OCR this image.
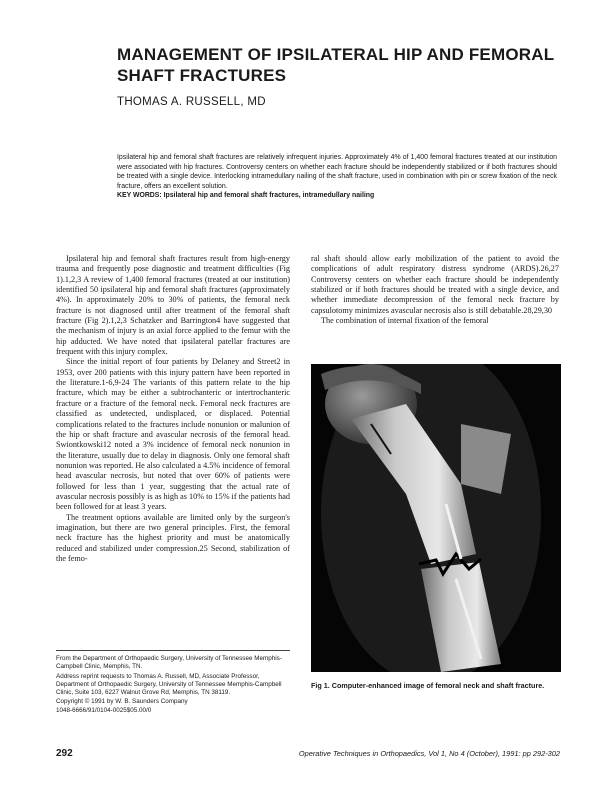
MANAGEMENT OF IPSILATERAL HIP AND FEMORAL SHAFT FRACTURES
THOMAS A. RUSSELL, MD
Ipsilateral hip and femoral shaft fractures are relatively infrequent injuries. Approximately 4% of 1,400 femoral fractures treated at our institution were associated with hip fractures. Controversy centers on whether each fracture should be independently stabilized or if both fractures should be treated with a single device. Interlocking intramedullary nailing of the shaft fracture, used in combination with pin or screw fixation of the neck fracture, offers an excellent solution.
KEY WORDS: Ipsilateral hip and femoral shaft fractures, intramedullary nailing

Ipsilateral hip and femoral shaft fractures result from high-energy trauma and frequently pose diagnostic and treatment difficulties (Fig 1).1,2,3 A review of 1,400 femoral fractures (treated at our institution) identified 50 ipsilateral hip and femoral shaft fractures (approximately 4%). In approximately 20% to 30% of patients, the femoral neck fracture is not diagnosed until after treatment of the femoral shaft fracture (Fig 2).1,2,3 Schatzker and Barrington4 have suggested that the mechanism of injury is an axial force applied to the femur with the hip adducted. We have noted that ipsilateral patellar fractures are frequent with this injury complex.

Since the initial report of four patients by Delaney and Street2 in 1953, over 200 patients with this injury pattern have been reported in the literature.1-6,9-24 The variants of this pattern relate to the hip fracture, which may be either a subtrochanteric or intertrochanteric fracture or a fracture of the femoral neck. Femoral neck fractures are classified as undetected, undisplaced, or displaced. Potential complications related to the fractures include nonunion or malunion of the hip or shaft fracture and avascular necrosis of the femoral head. Swiontkowski12 noted a 3% incidence of femoral neck nonunion in the literature, usually due to delay in diagnosis. Only one femoral shaft nonunion was reported. He also calculated a 4.5% incidence of femoral head avascular necrosis, but noted that over 60% of patients were followed for less than 1 year, suggesting that the actual rate of avascular necrosis possibly is as high as 10% to 15% if the patients had been followed for at least 3 years.

The treatment options available are limited only by the surgeon's imagination, but there are two general principles. First, the femoral neck fracture has the highest priority and must be anatomically reduced and stabilized under compression.25 Second, stabilization of the femo-

ral shaft should allow early mobilization of the patient to avoid the complications of adult respiratory distress syndrome (ARDS).26,27 Controversy centers on whether each fracture should be independently stabilized or if both fractures should be treated with a single device, and whether immediate decompression of the femoral neck fracture by capsulotomy minimizes avascular necrosis also is still debatable.28,29,30

The combination of internal fixation of the femoral

Fig 1. Computer-enhanced image of femoral neck and shaft fracture.

From the Department of Orthopaedic Surgery, University of Tennessee Memphis-Campbell Clinic, Memphis, TN.

Address reprint requests to Thomas A. Russell, MD, Associate Professor, Department of Orthopaedic Surgery, University of Tennessee Memphis-Campbell Clinic, Suite 103, 6227 Walnut Grove Rd, Memphis, TN 38119.

Copyright © 1991 by W. B. Saunders Company

1048-6666/91/0104-0025$05.00/0

292	Operative Techniques in Orthopaedics, Vol 1, No 4 (October), 1991: pp 292-302
